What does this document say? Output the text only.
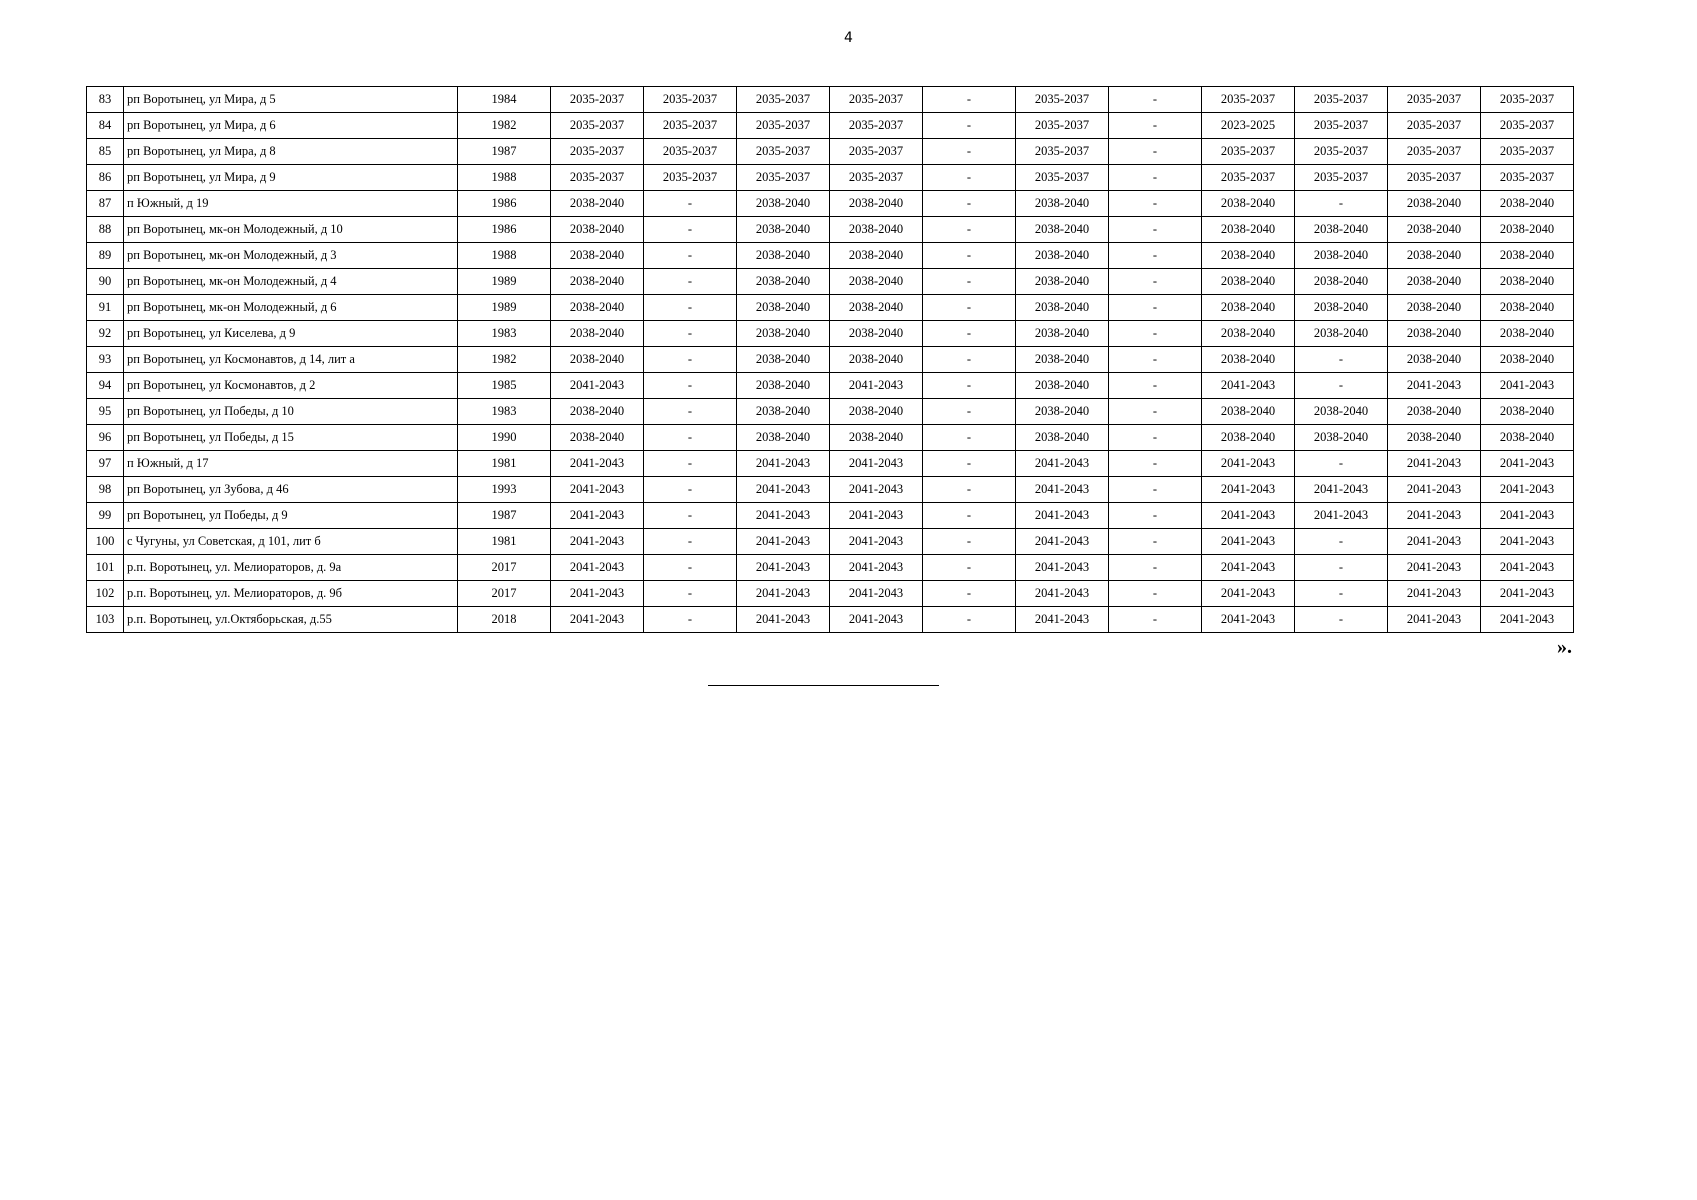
4
83	рп Воротынец, ул Мира, д 5	1984	2035-2037	2035-2037	2035-2037	2035-2037	-	2035-2037	-	2035-2037	2035-2037	2035-2037	2035-2037
84	рп Воротынец, ул Мира, д 6	1982	2035-2037	2035-2037	2035-2037	2035-2037	-	2035-2037	-	2023-2025	2035-2037	2035-2037	2035-2037
85	рп Воротынец, ул Мира, д 8	1987	2035-2037	2035-2037	2035-2037	2035-2037	-	2035-2037	-	2035-2037	2035-2037	2035-2037	2035-2037
86	рп Воротынец, ул Мира, д 9	1988	2035-2037	2035-2037	2035-2037	2035-2037	-	2035-2037	-	2035-2037	2035-2037	2035-2037	2035-2037
87	п Южный, д 19	1986	2038-2040	-	2038-2040	2038-2040	-	2038-2040	-	2038-2040	-	2038-2040	2038-2040
88	рп Воротынец, мк-он Молодежный, д 10	1986	2038-2040	-	2038-2040	2038-2040	-	2038-2040	-	2038-2040	2038-2040	2038-2040	2038-2040
89	рп Воротынец, мк-он Молодежный, д 3	1988	2038-2040	-	2038-2040	2038-2040	-	2038-2040	-	2038-2040	2038-2040	2038-2040	2038-2040
90	рп Воротынец, мк-он Молодежный, д 4	1989	2038-2040	-	2038-2040	2038-2040	-	2038-2040	-	2038-2040	2038-2040	2038-2040	2038-2040
91	рп Воротынец, мк-он Молодежный, д 6	1989	2038-2040	-	2038-2040	2038-2040	-	2038-2040	-	2038-2040	2038-2040	2038-2040	2038-2040
92	рп Воротынец, ул Киселева, д 9	1983	2038-2040	-	2038-2040	2038-2040	-	2038-2040	-	2038-2040	2038-2040	2038-2040	2038-2040
93	рп Воротынец, ул Космонавтов, д 14, лит а	1982	2038-2040	-	2038-2040	2038-2040	-	2038-2040	-	2038-2040	-	2038-2040	2038-2040
94	рп Воротынец, ул Космонавтов, д 2	1985	2041-2043	-	2038-2040	2041-2043	-	2038-2040	-	2041-2043	-	2041-2043	2041-2043
95	рп Воротынец, ул Победы, д 10	1983	2038-2040	-	2038-2040	2038-2040	-	2038-2040	-	2038-2040	2038-2040	2038-2040	2038-2040
96	рп Воротынец, ул Победы, д 15	1990	2038-2040	-	2038-2040	2038-2040	-	2038-2040	-	2038-2040	2038-2040	2038-2040	2038-2040
97	п Южный, д 17	1981	2041-2043	-	2041-2043	2041-2043	-	2041-2043	-	2041-2043	-	2041-2043	2041-2043
98	рп Воротынец, ул Зубова, д 46	1993	2041-2043	-	2041-2043	2041-2043	-	2041-2043	-	2041-2043	2041-2043	2041-2043	2041-2043
99	рп Воротынец, ул Победы, д 9	1987	2041-2043	-	2041-2043	2041-2043	-	2041-2043	-	2041-2043	2041-2043	2041-2043	2041-2043
100	с Чугуны, ул Советская, д 101, лит б	1981	2041-2043	-	2041-2043	2041-2043	-	2041-2043	-	2041-2043	-	2041-2043	2041-2043
101	р.п. Воротынец, ул. Мелиораторов, д. 9а	2017	2041-2043	-	2041-2043	2041-2043	-	2041-2043	-	2041-2043	-	2041-2043	2041-2043
102	р.п. Воротынец, ул. Мелиораторов, д. 9б	2017	2041-2043	-	2041-2043	2041-2043	-	2041-2043	-	2041-2043	-	2041-2043	2041-2043
103	р.п. Воротынец, ул.Октяборьская, д.55	2018	2041-2043	-	2041-2043	2041-2043	-	2041-2043	-	2041-2043	-	2041-2043	2041-2043
».
